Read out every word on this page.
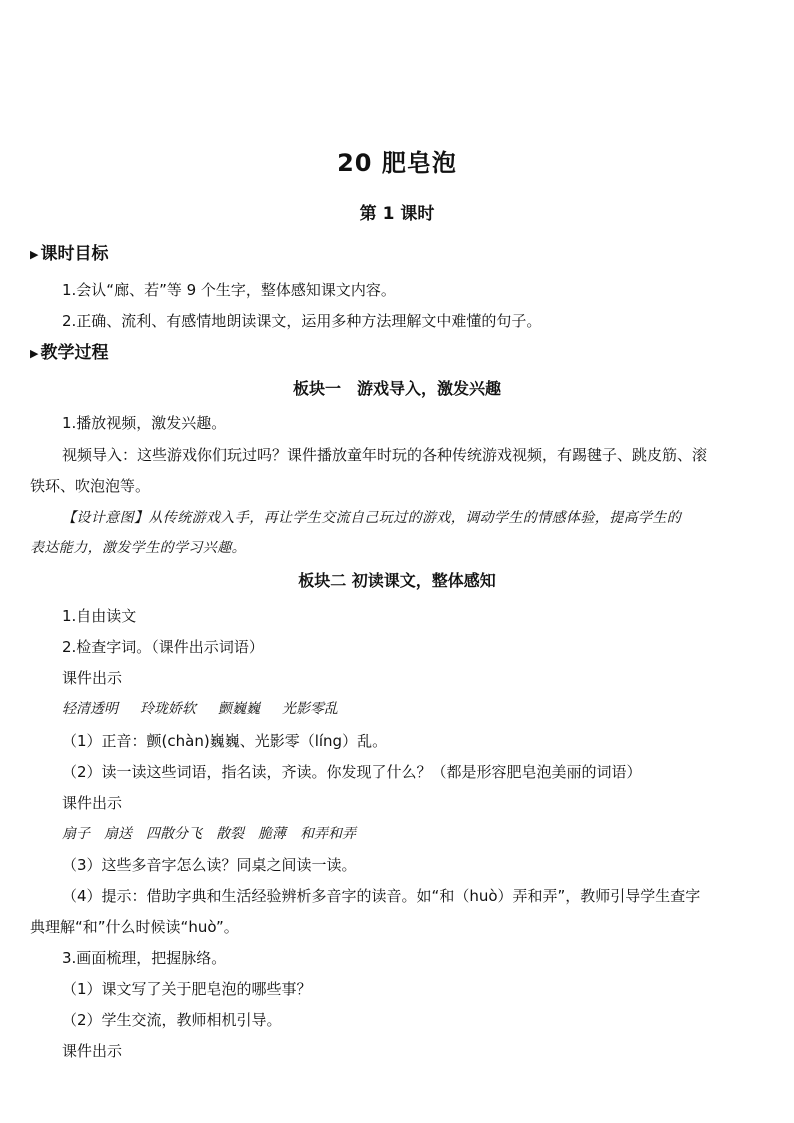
20 肥皂泡
第 1 课时
▶ 课时目标
1.会认“廊、若”等 9 个生字，整体感知课文内容。
2.正确、流利、有感情地朗读课文，运用多种方法理解文中难懂的句子。
▶ 教学过程
板块一　游戏导入，激发兴趣
1.播放视频，激发兴趣。
视频导入：这些游戏你们玩过吗？课件播放童年时玩的各种传统游戏视频，有踢毽子、跳皮筋、滚
铁环、吹泡泡等。
【设计意图】从传统游戏入手，再让学生交流自己玩过的游戏，调动学生的情感体验，提高学生的
表达能力，激发学生的学习兴趣。
板块二 初读课文，整体感知
1.自由读文
2.检查字词。（课件出示词语）
课件出示
轻清透明 玲珑娇软 颤巍巍 光影零乱
（1）正音：颤(chàn)巍巍、光影零（líng）乱。
（2）读一读这些词语，指名读，齐读。你发现了什么？（都是形容肥皂泡美丽的词语）
课件出示
扇子 扇送 四散分飞 散裂 脆薄 和弄和弄
（3）这些多音字怎么读？同桌之间读一读。
（4）提示：借助字典和生活经验辨析多音字的读音。如“和（huò）弄和弄”，教师引导学生查字
典理解“和”什么时候读“huò”。
3.画面梳理，把握脉络。
（1）课文写了关于肥皂泡的哪些事？
（2）学生交流，教师相机引导。
课件出示
